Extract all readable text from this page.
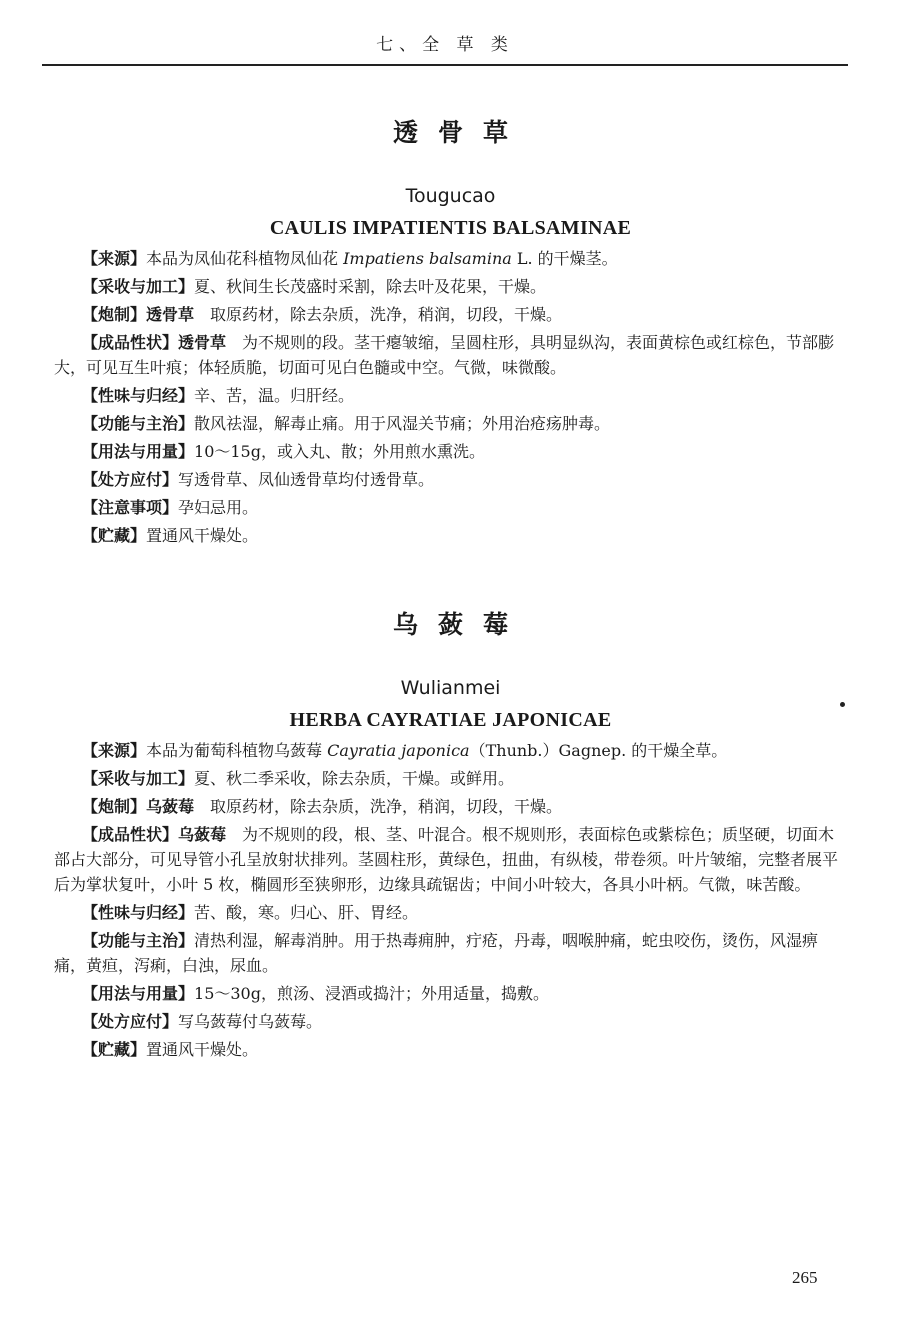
七、全 草 类
透骨草
Tougucao
CAULIS IMPATIENTIS BALSAMINAE
【来源】本品为凤仙花科植物凤仙花 Impatiens balsamina L. 的干燥茎。
【采收与加工】夏、秋间生长茂盛时采割，除去叶及花果，干燥。
【炮制】透骨草　取原药材，除去杂质，洗净，稍润，切段，干燥。
【成品性状】透骨草　为不规则的段。茎干瘪皱缩，呈圆柱形，具明显纵沟，表面黄棕色或红棕色，节部膨大，可见互生叶痕；体轻质脆，切面可见白色髓或中空。气微，味微酸。
【性味与归经】辛、苦，温。归肝经。
【功能与主治】散风祛湿，解毒止痛。用于风湿关节痛；外用治疮疡肿毒。
【用法与用量】10～15g，或入丸、散；外用煎水熏洗。
【处方应付】写透骨草、凤仙透骨草均付透骨草。
【注意事项】孕妇忌用。
【贮藏】置通风干燥处。
乌蔹莓
Wulianmei
HERBA CAYRATIAE JAPONICAE
【来源】本品为葡萄科植物乌蔹莓 Cayratia japonica（Thunb.）Gagnep. 的干燥全草。
【采收与加工】夏、秋二季采收，除去杂质，干燥。或鲜用。
【炮制】乌蔹莓　取原药材，除去杂质，洗净，稍润，切段，干燥。
【成品性状】乌蔹莓　为不规则的段，根、茎、叶混合。根不规则形，表面棕色或紫棕色；质坚硬，切面木部占大部分，可见导管小孔呈放射状排列。茎圆柱形，黄绿色，扭曲，有纵棱，带卷须。叶片皱缩，完整者展平后为掌状复叶，小叶 5 枚，椭圆形至狭卵形，边缘具疏锯齿；中间小叶较大，各具小叶柄。气微，味苦酸。
【性味与归经】苦、酸，寒。归心、肝、胃经。
【功能与主治】清热利湿，解毒消肿。用于热毒痈肿，疔疮，丹毒，咽喉肿痛，蛇虫咬伤，烫伤，风湿痹痛，黄疸，泻痢，白浊，尿血。
【用法与用量】15～30g，煎汤、浸酒或捣汁；外用适量，捣敷。
【处方应付】写乌蔹莓付乌蔹莓。
【贮藏】置通风干燥处。
265
